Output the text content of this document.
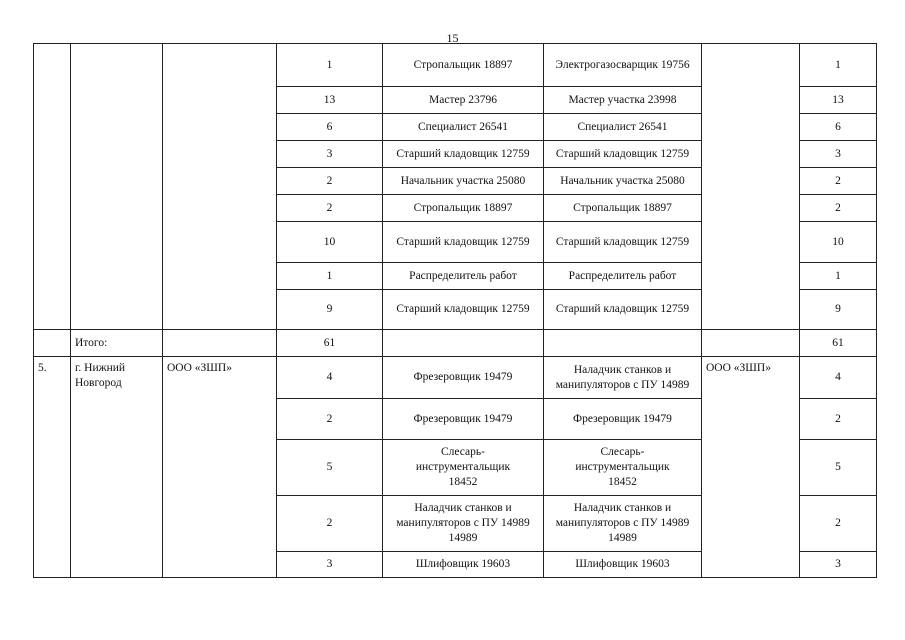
15
			1	Стропальщик 18897	Электрогазосварщик 19756		1
			13	Мастер 23796	Мастер участка 23998		13
			6	Специалист 26541	Специалист 26541		6
			3	Старший кладовщик 12759	Старший кладовщик 12759		3
			2	Начальник участка 25080	Начальник участка 25080		2
			2	Стропальщик 18897	Стропальщик 18897		2
			10	Старший кладовщик 12759	Старший кладовщик 12759		10
			1	Распределитель работ	Распределитель работ		1
			9	Старший кладовщик 12759	Старший кладовщик 12759		9
	Итого:		61				61
5.	г. Нижний Новгород	ООО «ЗШП»	4	Фрезеровщик 19479	Наладчик станков и манипуляторов с ПУ 14989	ООО «ЗШП»	4
			2	Фрезеровщик 19479	Фрезеровщик 19479		2
			5	Слесарь-инструментальщик 18452	Слесарь-инструментальщик 18452		5
			2	Наладчик станков и манипуляторов с ПУ 14989 14989	Наладчик станков и манипуляторов с ПУ 14989 14989		2
			3	Шлифовщик 19603	Шлифовщик 19603		3
